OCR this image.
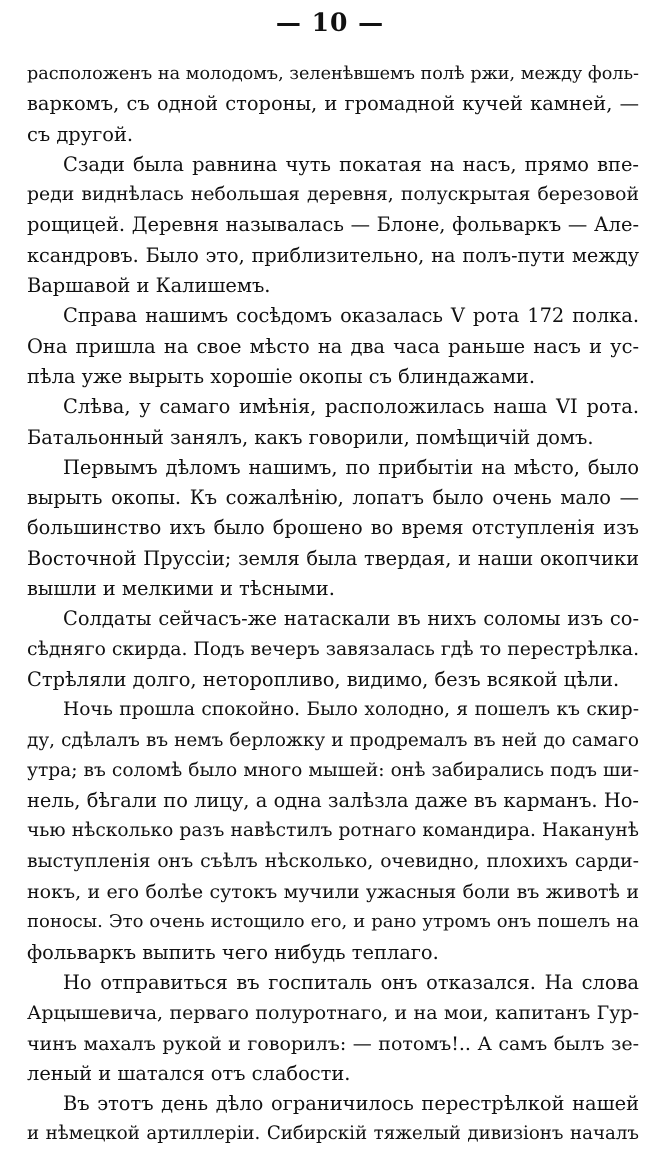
— 10 —
расположенъ на молодомъ, зеленѣвшемъ полѣ ржи, между фоль-
варкомъ, съ одной стороны, и громадной кучей камней, —
съ другой.
Сзади была равнина чуть покатая на насъ, прямо впе-
реди виднѣлась небольшая деревня, полускрытая березовой
рощицей. Деревня называлась — Блоне, фольваркъ — Але-
ксандровъ. Было это, приблизительно, на полъ-пути между
Варшавой и Калишемъ.
Справа нашимъ сосѣдомъ оказалась V рота 172 полка.
Она пришла на свое мѣсто на два часа раньше насъ и ус-
пѣла уже вырыть хорошіе окопы съ блиндажами.
Слѣва, у самаго имѣнія, расположилась наша VI рота.
Батальонный занялъ, какъ говорили, помѣщичій домъ.
Первымъ дѣломъ нашимъ, по прибытіи на мѣсто, было
вырыть окопы. Къ сожалѣнію, лопатъ было очень мало —
большинство ихъ было брошено во время отступленія изъ
Восточной Пруссіи; земля была твердая, и наши окопчики
вышли и мелкими и тѣсными.
Солдаты сейчасъ-же натаскали въ нихъ соломы изъ со-
сѣдняго скирда. Подъ вечеръ завязалась гдѣ то перестрѣлка.
Стрѣляли долго, неторопливо, видимо, безъ всякой цѣли.
Ночь прошла спокойно. Было холодно, я пошелъ къ скир-
ду, сдѣлалъ въ немъ берложку и продремалъ въ ней до самаго
утра; въ соломѣ было много мышей: онѣ забирались подъ ши-
нель, бѣгали по лицу, а одна залѣзла даже въ карманъ. Но-
чью нѣсколько разъ навѣстилъ ротнаго командира. Наканунѣ
выступленія онъ съѣлъ нѣсколько, очевидно, плохихъ сарди-
нокъ, и его болѣе сутокъ мучили ужасныя боли въ животѣ и
поносы. Это очень истощило его, и рано утромъ онъ пошелъ на
фольваркъ выпить чего нибудь теплаго.
Но отправиться въ госпиталь онъ отказался. На слова
Арцышевича, перваго полуротнаго, и на мои, капитанъ Гур-
чинъ махалъ рукой и говорилъ: — потомъ!.. А самъ былъ зе-
леный и шатался отъ слабости.
Въ этотъ день дѣло ограничилось перестрѣлкой нашей
и нѣмецкой артиллеріи. Сибирскій тяжелый дивизіонъ началъ
